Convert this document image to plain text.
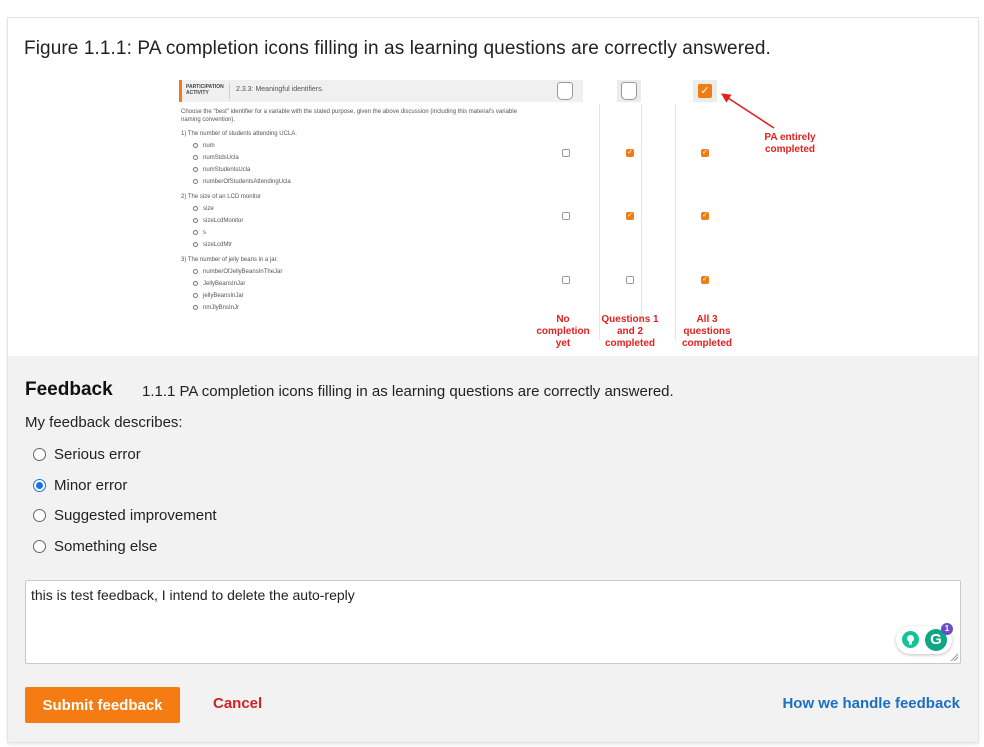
Figure 1.1.1: PA completion icons filling in as learning questions are correctly answered.
PARTICIPATION ACTIVITY	2.3.3: Meaningful identifiers.	✓
Choose the "best" identifier for a variable with the stated purpose, given the above discussion (including this material's variable
naming convention).
1) The number of students attending UCLA.
num
numStdsUcla
numStudentsUcla
numberOfStudentsAttendingUcla
2) The size of an LCD monitor
size
sizeLcdMonitor
s
sizeLcdMtr
3) The number of jelly beans in a jar.
numberOfJellyBeansInTheJar
JellyBeansInJar
jellyBeansInJar
nmJlyBnsInJr
✓
✓
✓
✓
✓
No completion yet
Questions 1 and 2 completed
All 3 questions completed
PA entirely completed
Feedback 1.1.1 PA completion icons filling in as learning questions are correctly answered.
My feedback describes:
Serious error
Minor error
Suggested improvement
Something else
this is test feedback, I intend to delete the auto-reply
G
1
Submit feedback	Cancel	How we handle feedback
